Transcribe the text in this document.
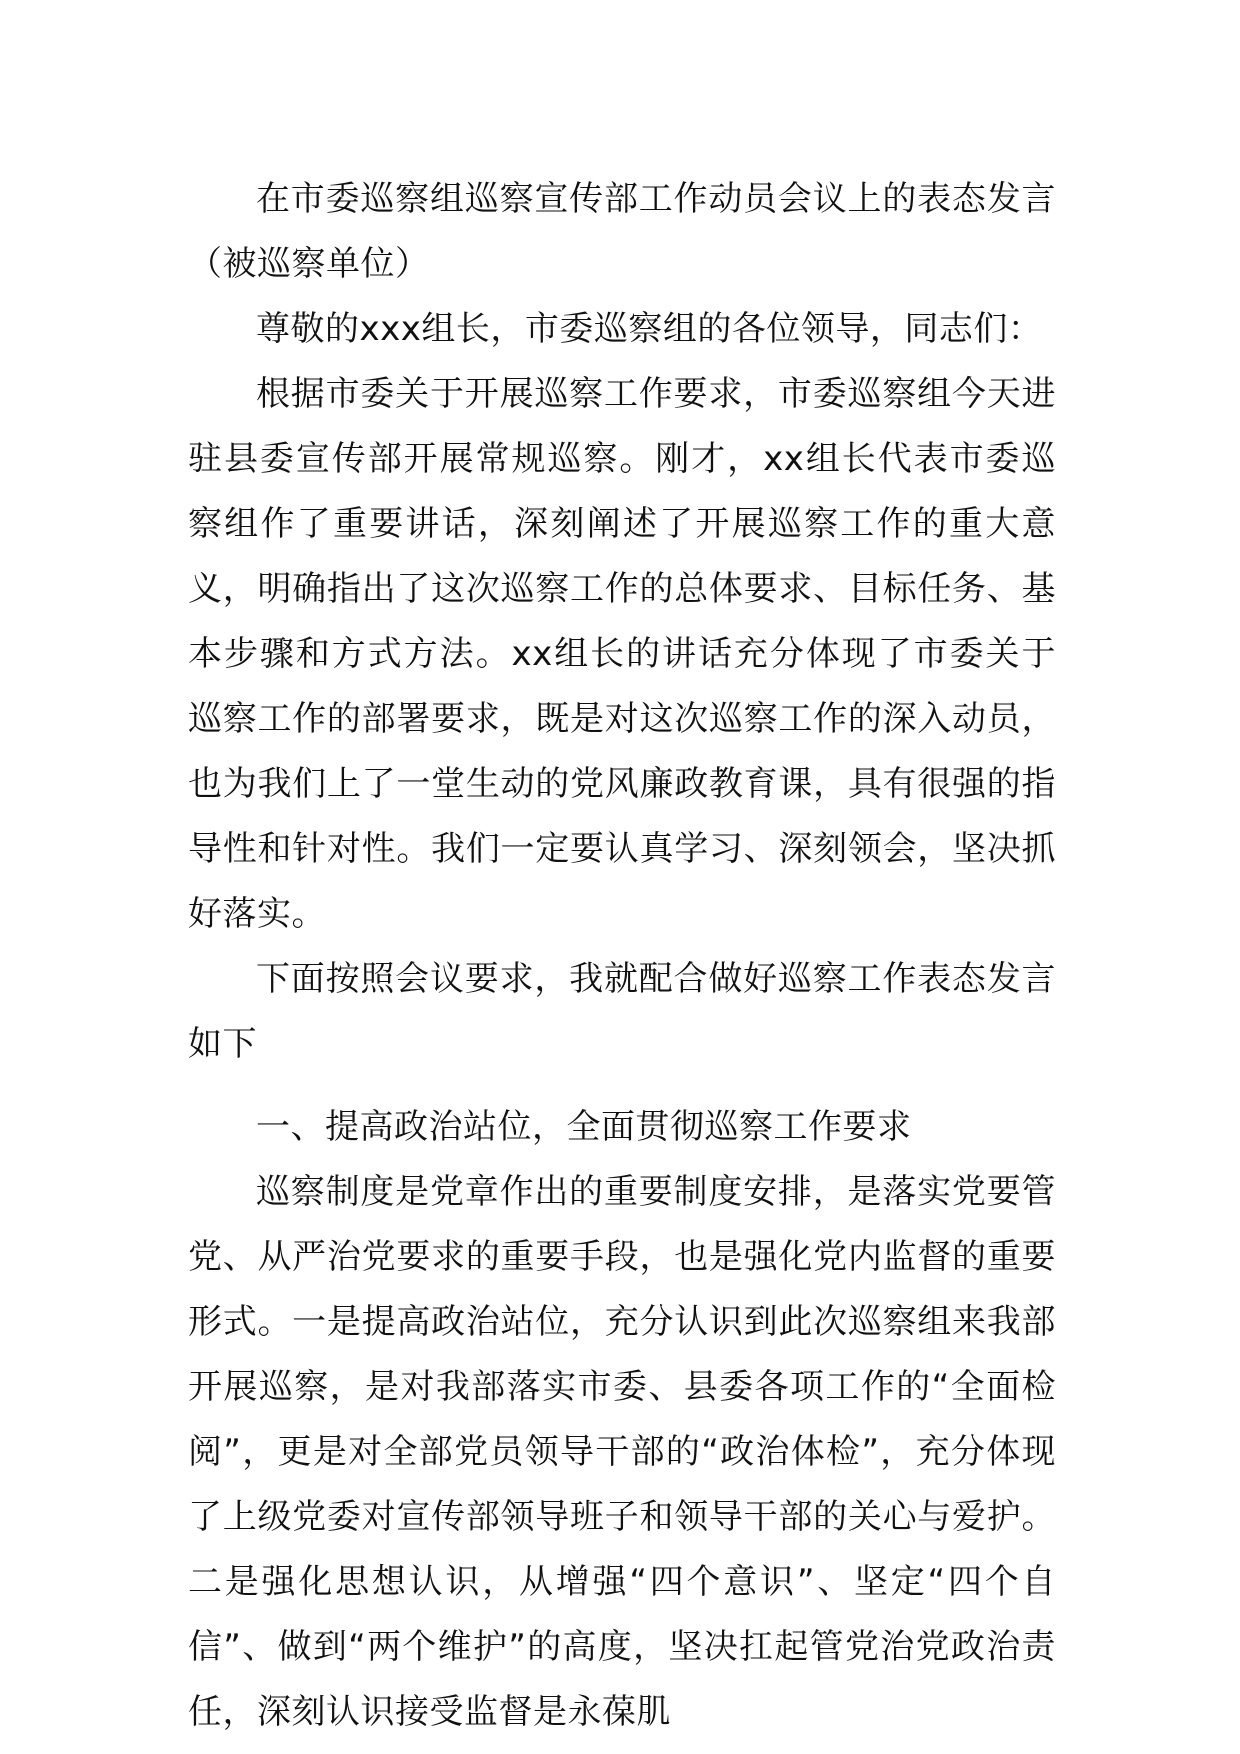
在市委巡察组巡察宣传部工作动员会议上的表态发言（被巡察单位）

尊敬的xxx组长，市委巡察组的各位领导，同志们：

根据市委关于开展巡察工作要求，市委巡察组今天进驻县委宣传部开展常规巡察。刚才，xx组长代表市委巡察组作了重要讲话，深刻阐述了开展巡察工作的重大意义，明确指出了这次巡察工作的总体要求、目标任务、基本步骤和方式方法。xx组长的讲话充分体现了市委关于巡察工作的部署要求，既是对这次巡察工作的深入动员，也为我们上了一堂生动的党风廉政教育课，具有很强的指导性和针对性。我们一定要认真学习、深刻领会，坚决抓好落实。

下面按照会议要求，我就配合做好巡察工作表态发言如下

一、提高政治站位，全面贯彻巡察工作要求

巡察制度是党章作出的重要制度安排，是落实党要管党、从严治党要求的重要手段，也是强化党内监督的重要形式。一是提高政治站位，充分认识到此次巡察组来我部开展巡察，是对我部落实市委、县委各项工作的“全面检阅”，更是对全部党员领导干部的“政治体检”，充分体现了上级党委对宣传部领导班子和领导干部的关心与爱护。二是强化思想认识，从增强“四个意识”、坚定“四个自信”、做到“两个维护”的高度，坚决扛起管党治党政治责任，深刻认识接受监督是永葆肌
